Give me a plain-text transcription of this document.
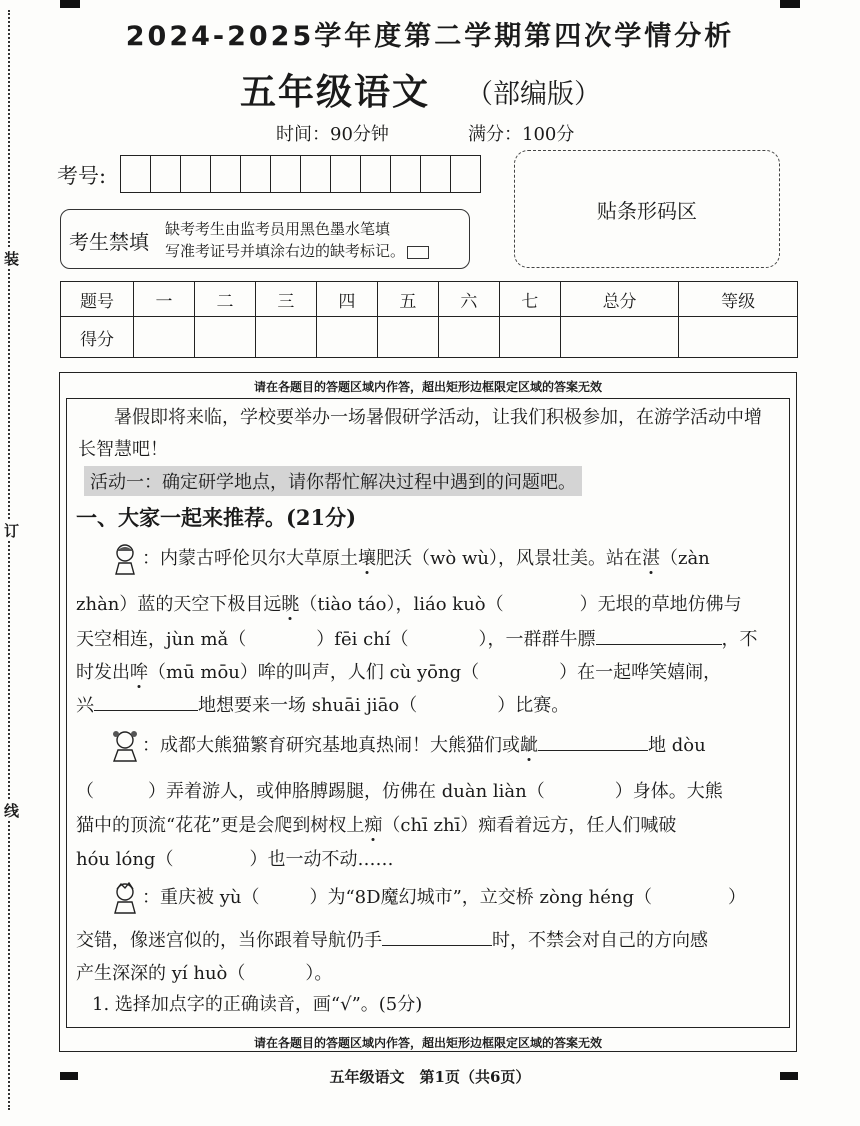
装
订
线
2024-2025学年度第二学期第四次学情分析
五年级语文 （部编版）
时间：90分钟	满分：100分
考号:
贴条形码区
考生禁填
缺考考生由监考员用黑色墨水笔填
写准考证号并填涂右边的缺考标记。
题号	一	二	三	四	五	六	七	总分	等级
得分									
请在各题目的答题区域内作答，超出矩形边框限定区域的答案无效
请在各题目的答题区域内作答，超出矩形边框限定区域的答案无效
暑假即将来临，学校要举办一场暑假研学活动，让我们积极参加，在游学活动中增长智慧吧！
活动一：确定研学地点，请你帮忙解决过程中遇到的问题吧。
一、大家一起来推荐。(21分)
：内蒙古呼伦贝尔大草原土壤肥沃（wò wù），风景壮美。站在湛（zàn
zhàn）蓝的天空下极目远眺（tiào táo），liáo kuò（	）无垠的草地仿佛与
天空相连，jùn mǎ（	）fēi chí（	），一群群牛膘	，不
时发出哞（mū mōu）哞的叫声，人们 cù yōng（	）在一起哗笑嬉闹，
兴	地想要来一场 shuāi jiāo（	）比赛。
：成都大熊猫繁育研究基地真热闹！大熊猫们或龇	地 dòu
（	）弄着游人，或伸胳膊踢腿，仿佛在 duàn liàn（	）身体。大熊
猫中的顶流“花花”更是会爬到树杈上痴（chī zhī）痴看着远方，任人们喊破
hóu lóng（	）也一动不动……
：重庆被 yù（	）为“8D魔幻城市”，立交桥 zòng héng（	）
交错，像迷宫似的，当你跟着导航仍手	时，不禁会对自己的方向感
产生深深的 yí huò（	）。
1. 选择加点字的正确读音，画“√”。(5分)
五年级语文　第1页（共6页）
